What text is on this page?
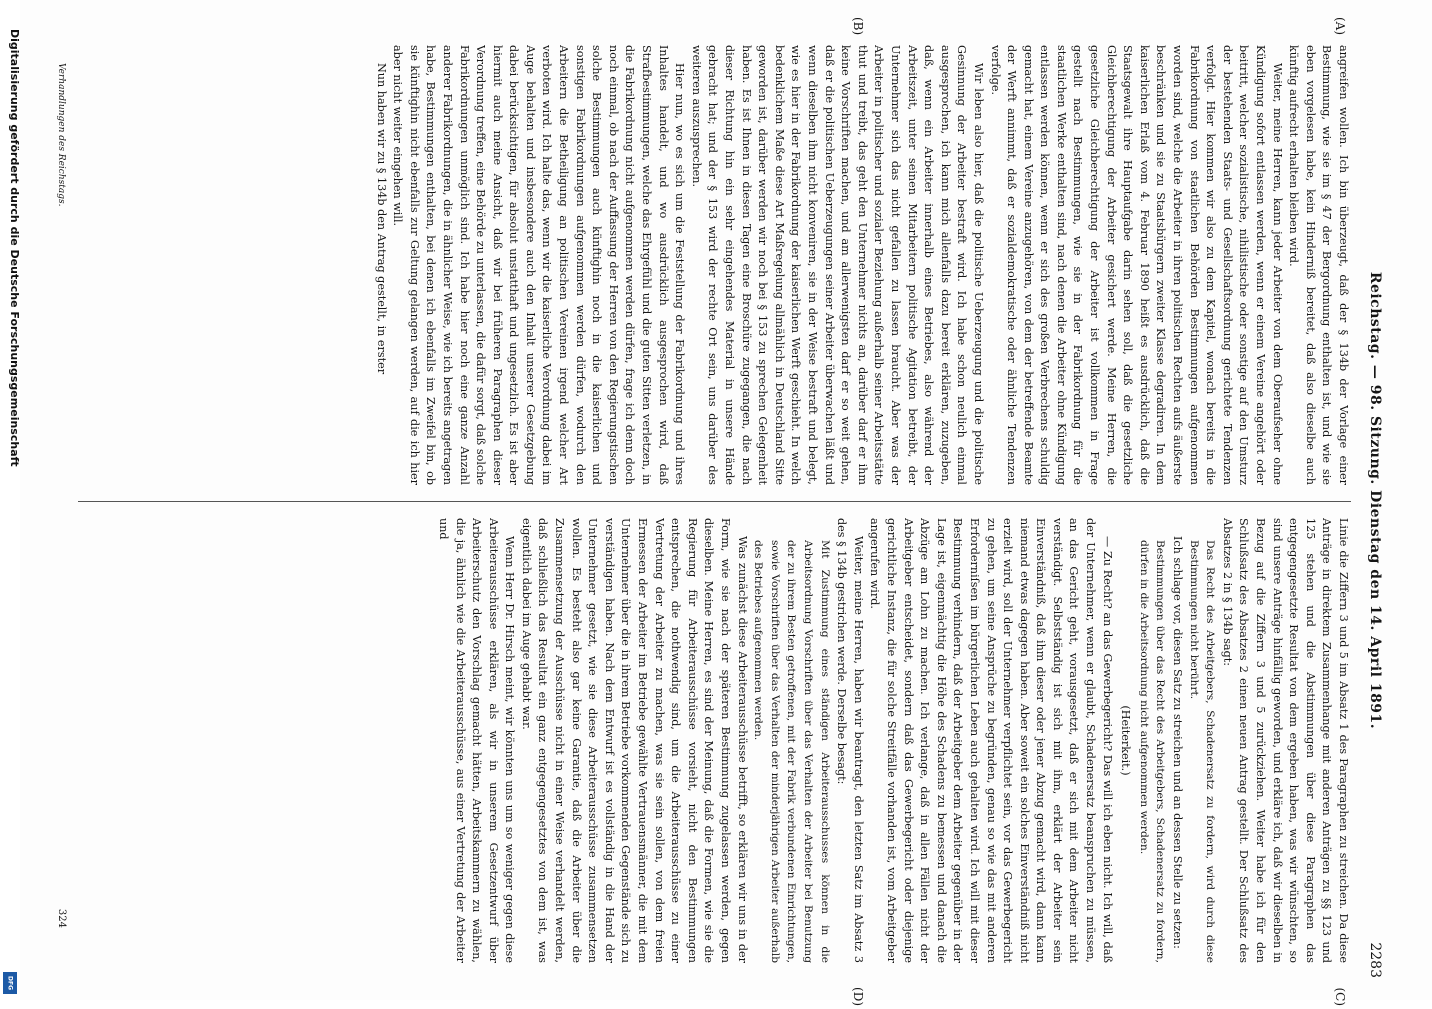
Digitalisierung gefördert durch die Deutsche Forschungsgemeinschaft
DFG
Reichstag. — 98. Sitzung. Dienstag den 14. April 1891.
2283
(A)
(B)
(C)
(D)

angreifen wollen. Ich bin überzeugt, daß der § 134b der Vorlage einer Bestimmung, wie sie im § 47 der Bergordnung enthalten ist, und wie sie eben vorgelesen habe, kein Hinderniß bereitet, daß also dieselbe auch künftig aufrecht erhalten bleiben wird.

Weiter, meine Herren, kann jeder Arbeiter von dem Oberaufseher ohne Kündigung sofort entlassen werden, wenn er einem Vereine angehört oder beitritt, welcher sozialistische, nihilistische oder sonstige auf den Umsturz der bestehenden Staats- und Gesellschaftsordnung gerichtete Tendenzen verfolgt. Hier kommen wir also zu dem Kapitel, wonach bereits in die Fabrikordnung von staatlichen Behörden Bestimmungen aufgenommen worden sind, welche die Arbeiter in ihren politischen Rechten aufs äußerste beschränken und sie zu Staatsbürgern zweiter Klasse degradiren. In dem kaiserlichen Erlaß vom 4. Februar 1890 heißt es ausdrücklich, daß die Staatsgewalt ihre Hauptaufgabe darin sehen soll, daß die gesetzliche Gleichberechtigung der Arbeiter gesichert werde. Meine Herren, die gesetzliche Gleichberechtigung der Arbeiter ist vollkommen in Frage gestellt nach Bestimmungen, wie sie in der Fabrikordnung für die staatlichen Werke enthalten sind, nach denen die Arbeiter ohne Kündigung entlassen werden können, wenn er sich des großen Verbrechens schuldig gemacht hat, einem Vereine anzugehören, von dem der betreffende Beamte der Werft annimmt, daß er sozialdemokratische oder ähnliche Tendenzen verfolge.

Wir leben also hier, daß die politische Ueberzeugung und die politische Gesinnung der Arbeiter bestraft wird. Ich habe schon neulich einmal ausgesprochen, ich kann mich allenfalls dazu bereit erklären, zuzugeben, daß, wenn ein Arbeiter innerhalb eines Betriebes, also während der Arbeitszeit, unter seinen Mitarbeitern politische Agitation betreibt, der Unternehmer sich das nicht gefallen zu lassen braucht. Aber was der Arbeiter in politischer und sozialer Beziehung außerhalb seiner Arbeitsstätte thut und treibt, das geht den Unternehmer nichts an, darüber darf er ihm keine Vorschriften machen, und am allerwenigsten darf er so weit gehen, daß er die politischen Ueberzeugungen seiner Arbeiter überwachen läßt und wenn dieselben ihm nicht konveniren, sie in der Weise bestraft und belegt, wie es hier in der Fabrikordnung der kaiserlichen Werft geschieht. In welch bedenklichem Maße diese Art Maßregelung allmählich in Deutschland Sitte geworden ist, darüber werden wir noch bei § 153 zu sprechen Gelegenheit haben. Es ist Ihnen in diesen Tagen eine Broschüre zugegangen, die nach dieser Richtung hin ein sehr eingehendes Material in unsere Hände gebracht hat; und der § 153 wird der rechte Ort sein, uns darüber des weiteren auszusprechen.

Hier nun, wo es sich um die Feststellung der Fabrikordnung und ihres Inhaltes handelt, und wo ausdrücklich ausgesprochen wird, daß Strafbestimmungen, welche das Ehrgefühl und die guten Sitten verletzen, in die Fabrikordnung nicht aufgenommen werden dürfen, frage ich denn doch noch einmal, ob nach der Auffassung der Herren von den Regierungstischen solche Bestimmungen auch künftighin noch in die kaiserlichen und sonstigen Fabrikordnungen aufgenommen werden dürfen, wodurch den Arbeitern die Betheiligung an politischen Vereinen irgend welcher Art verboten wird. Ich halte das, wenn wir die kaiserliche Verordnung dabei im Auge behalten und insbesondere auch den Inhalt unserer Gesetzgebung dabei berücksichtigen, für absolut unstatthaft und ungesetzlich. Es ist aber hiermit auch meine Ansicht, daß wir bei früheren Paragraphen dieser Verordnung treffen, eine Behörde zu unterlassen, die dafür sorgt, daß solche Fabrikordnungen unmöglich sind. Ich habe hier noch eine ganze Anzahl anderer Fabrikordnungen, die in ähnlicher Weise, wie ich bereits angetragen habe, Bestimmungen enthalten, bei denen ich ebenfalls im Zweifel bin, ob sie künftighin nicht ebenfalls zur Geltung gelangen werden, auf die ich hier aber nicht weiter eingehen will.

Nun haben wir zu § 134b den Antrag gestellt, in erster

Linie die Ziffern 3 und 5 im Absatz 1 des Paragraphen zu streichen. Da diese Anträge in direktem Zusammenhange mit anderen Anträgen zu §§ 123 und 125 stehen und die Abstimmungen über diese Paragraphen das entgegengesetzte Resultat von dem ergeben haben, was wir wünschten, so sind unsere Anträge hinfällig geworden, und erkläre ich, daß wir dieselben in Bezug auf die Ziffern 3 und 5 zurückziehen. Weiter habe ich für den Schlußsatz des Absatzes 2 einen neuen Antrag gestellt. Der Schlußsatz des Absatzes 2 in § 134b sagt:

Das Recht des Arbeitgebers, Schadenersatz zu fordern, wird durch diese Bestimmungen nicht berührt.

Ich schlage vor, diesen Satz zu streichen und an dessen Stelle zu setzen:

Bestimmungen über das Recht des Arbeitgebers, Schadenersatz zu fordern, dürfen in die Arbeitsordnung nicht aufgenommen werden.

(Heiterkeit.)

— Zu Recht? an das Gewerbegericht? Das will ich eben nicht. Ich will, daß der Unternehmer, wenn er glaubt, Schadenersatz beanspruchen zu müssen, an das Gericht geht, vorausgesetzt, daß er sich mit dem Arbeiter nicht verständigt. Selbstständig ist sich mit ihm, erklärt der Arbeiter sein Einverständniß, daß ihm dieser oder jener Abzug gemacht wird, dann kann niemand etwas dagegen haben. Aber soweit ein solches Einverständniß nicht erzielt wird, soll der Unternehmer verpflichtet sein, vor das Gewerbegericht zu gehen, um seine Ansprüche zu begründen, genau so wie das mit anderen Erforderniſsen im bürgerlichen Leben auch gehalten wird. Ich will mit dieser Bestimmung verhindern, daß der Arbeitgeber dem Arbeiter gegenüber in der Lage ist, eigenmächtig die Höhe des Schadens zu bemessen und danach die Abzüge am Lohn zu machen. Ich verlange, daß in allen Fällen nicht der Arbeitgeber entscheidet, sondern daß das Gewerbegericht oder diejenige gerichtliche Instanz, die für solche Streitfälle vorhanden ist, vom Arbeitgeber angerufen wird.

Weiter, meine Herren, haben wir beantragt, den letzten Satz im Absatz 3 des § 134b gestrichen werde. Derselbe besagt:

Mit Zustimmung eines ständigen Arbeiterausschusses können in die Arbeitsordnung Vorschriften über das Verhalten der Arbeiter bei Benutzung der zu ihrem Besten getroffenen, mit der Fabrik verbundenen Einrichtungen, sowie Vorschriften über das Verhalten der minderjährigen Arbeiter außerhalb des Betriebes aufgenommen werden.

Was zunächst diese Arbeiterausschüsse betrifft, so erklären wir uns in der Form, wie sie nach der späteren Bestimmung zugelassen werden, gegen dieselben. Meine Herren, es sind der Meinung, daß die Formen, wie sie die Regierung für Arbeiterausschüsse vorsieht, nicht den Bestimmungen entsprechen, die nothwendig sind, um die Arbeiterausschüsse zu einer Vertretung der Arbeiter zu machen, was sie sein sollen, von dem freien Ermessen der Arbeiter im Betriebe gewählte Vertrauensmänner, die mit dem Unternehmer über die in ihrem Betriebe vorkommenden Gegenstände sich zu verständigen haben. Nach dem Entwurf ist es vollständig in die Hand der Unternehmer gesetzt, wie sie diese Arbeiterausschüsse zusammensetzen wollen. Es besteht also gar keine Garantie, daß die Arbeiter über die Zusammensetzung der Ausschüsse nicht in einer Weise verhandelt werden, daß schließlich das Resultat ein ganz entgegengesetztes von dem ist, was eigentlich dabei im Auge gehabt war.

Wenn Herr Dr. Hirsch meint, wir könnten uns um so weniger gegen diese Arbeiterausschüsse erklären, als wir in unserem Gesetzentwurf über Arbeiterschutz den Vorschlag gemacht hätten, Arbeitskammern zu wählen, die ja, ähnlich wie die Arbeiterausschüsse, aus einer Vertretung der Arbeiter und

Verhandlungen des Reichstags.
324
